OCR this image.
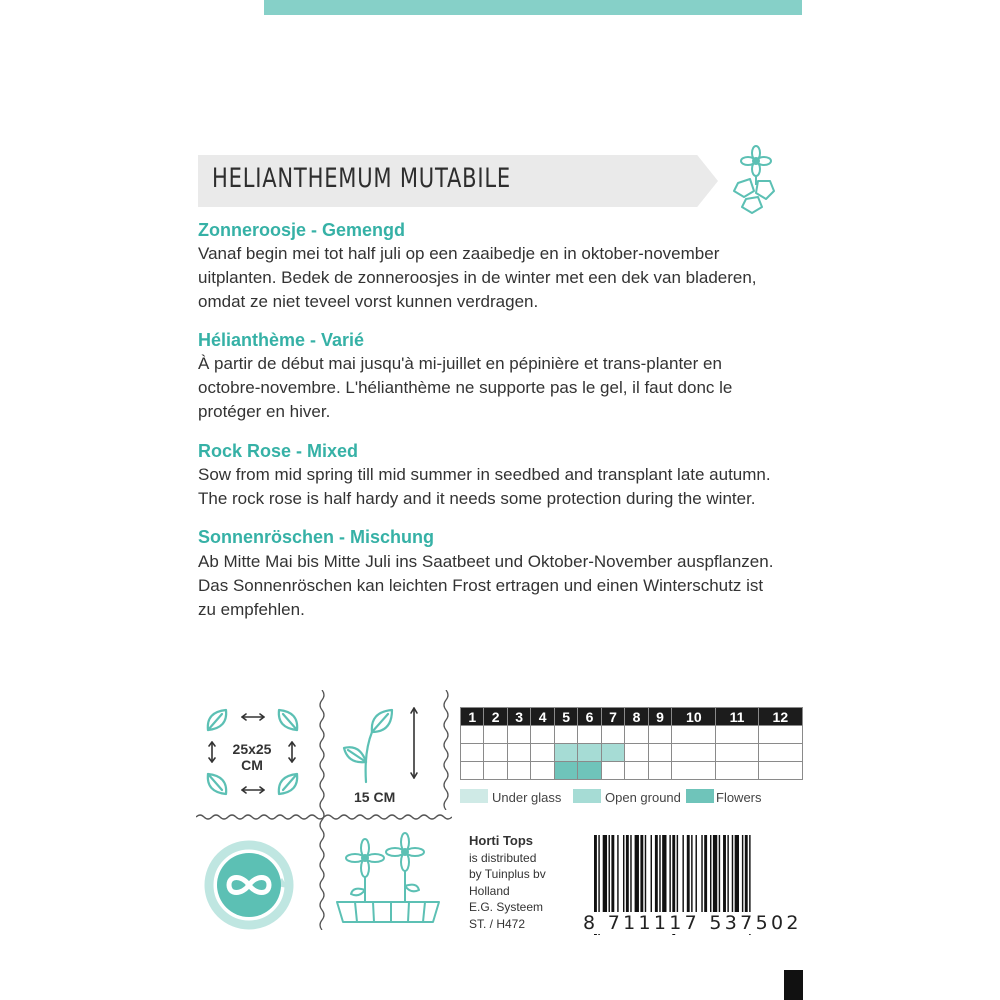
HELIANTHEMUM MUTABILE
Zonneroosje - Gemengd
Vanaf begin mei tot half juli op een zaaibedje en in oktober-november
uitplanten. Bedek de zonneroosjes in de winter met een dek van bladeren,
omdat ze niet teveel vorst kunnen verdragen.
Hélianthème - Varié
À partir de début mai jusqu'à mi-juillet en pépinière et trans-planter en
octobre-novembre. L'hélianthème ne supporte pas le gel, il faut donc le
protéger en hiver.
Rock Rose - Mixed
Sow from mid spring till mid summer in seedbed and transplant late autumn.
The rock rose is half hardy and it needs some protection during the winter.
Sonnenröschen - Mischung
Ab Mitte Mai bis Mitte Juli ins Saatbeet und Oktober-November auspflanzen.
Das Sonnenröschen kan leichten Frost ertragen und einen Winterschutz ist
zu empfehlen.
25x25
CM
15 CM
1	2	3	4	5	6	7	8	9	10	11	12

Under glass	Open ground	Flowers
Horti Tops
is distributed
by Tuinplus bv
Holland
E.G. Systeem
ST. / H472	8 711117 537502
